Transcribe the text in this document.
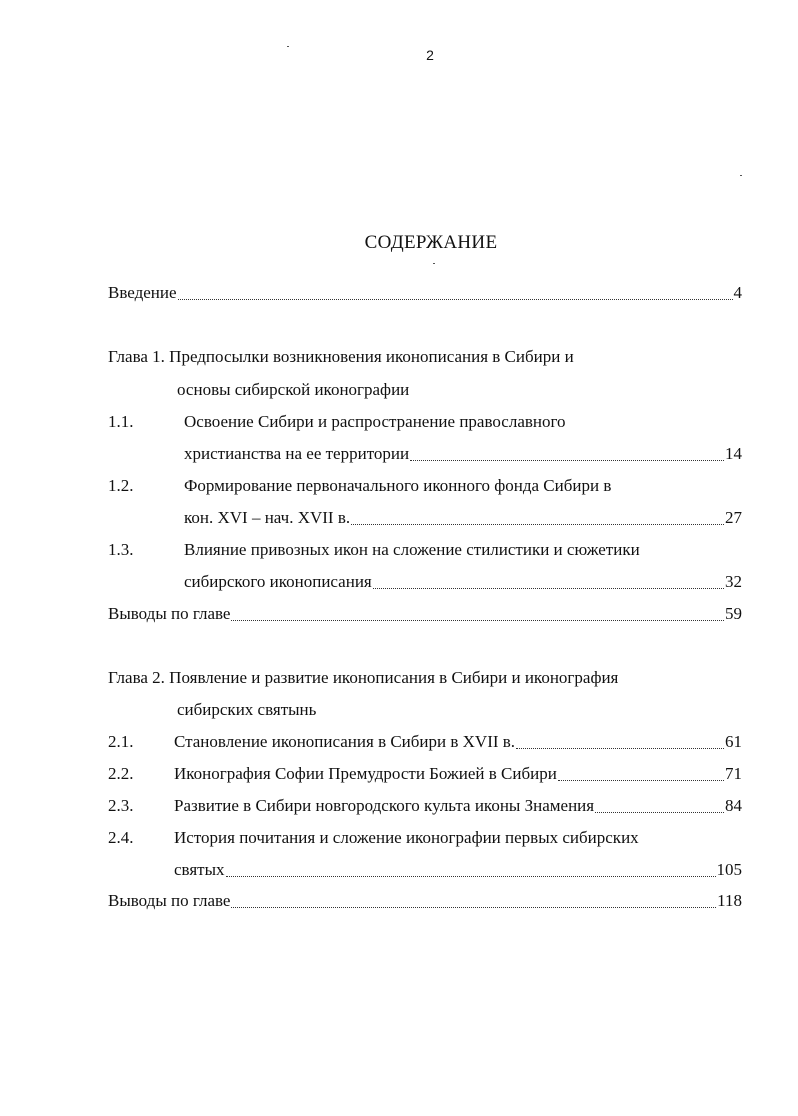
2
СОДЕРЖАНИЕ
Введение	4
Глава 1. Предпосылки возникновения иконописания в Сибири и
основы сибирской иконографии
1.1.	Освоение Сибири и распространение православного
христианства на ее территории	14
1.2.	Формирование первоначального иконного фонда Сибири в
кон. XVI – нач. XVII в.	27
1.3.	Влияние привозных икон на сложение стилистики и сюжетики
сибирского иконописания	32
Выводы по главе	59
Глава 2. Появление и развитие иконописания в Сибири и иконография
сибирских святынь
2.1. Становление иконописания в Сибири в XVII в.	61
2.2. Иконография Софии Премудрости Божией в Сибири	71
2.3. Развитие в Сибири новгородского культа иконы Знамения	84
2.4. История почитания и сложение иконографии первых сибирских
святых	105
Выводы по главе	118
